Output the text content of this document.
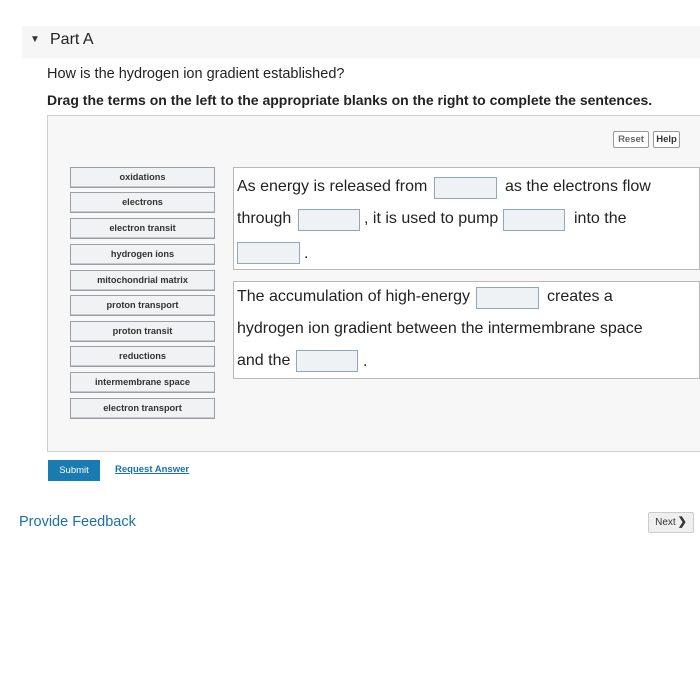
▼ Part A
How is the hydrogen ion gradient established?
Drag the terms on the left to the appropriate blanks on the right to complete the sentences.
Reset	Help
oxidations
electrons
electron transit
hydrogen ions
mitochondrial matrix
proton transport
proton transit
reductions
intermembrane space
electron transport
As energy is released from	as the electrons flow
through	, it is used to pump	into the
.
The accumulation of high-energy	creates a
hydrogen ion gradient between the intermembrane space
and the	.
Submit	Request Answer
Provide Feedback	Next ❯
